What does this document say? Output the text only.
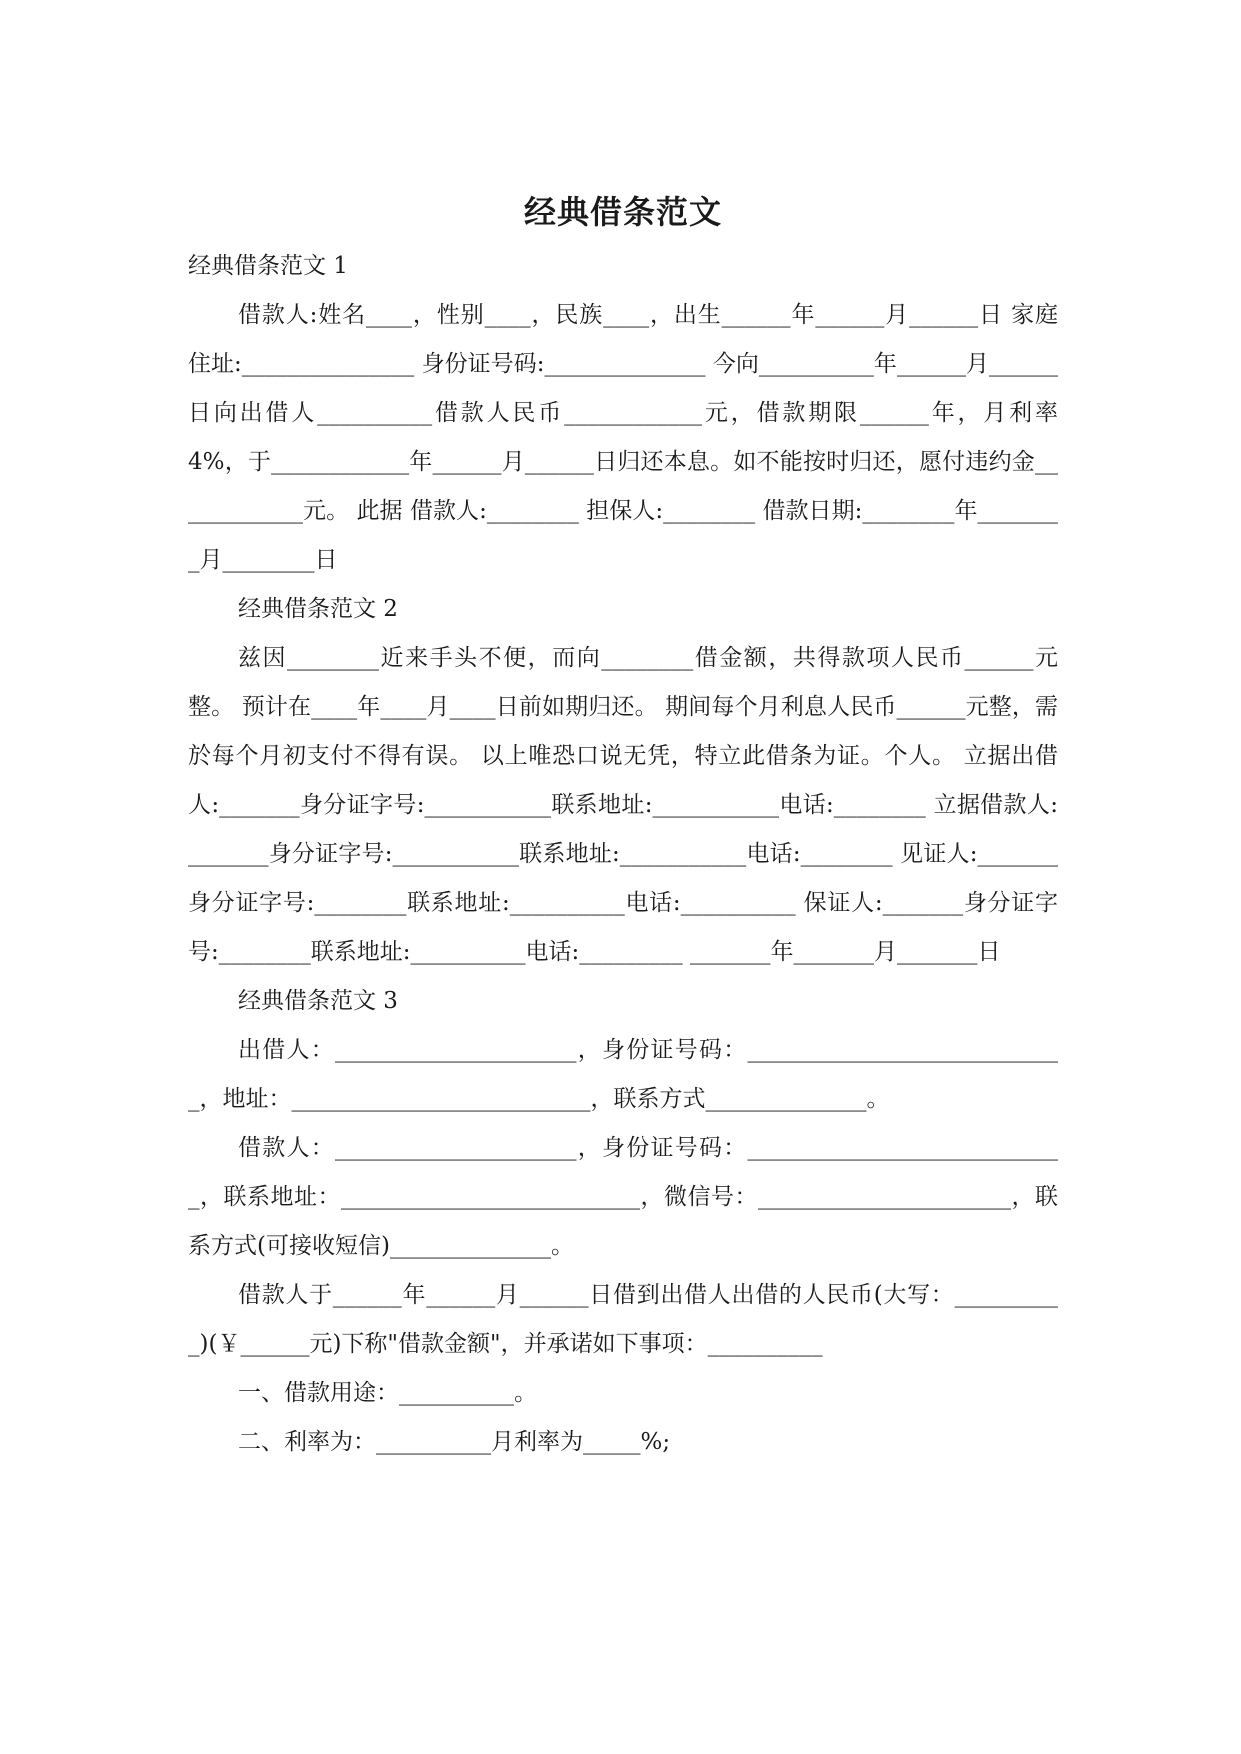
经典借条范文

经典借条范文 1

借款人:姓名____，性别____，民族____，出生______年______月______日 家庭住址:_______________ 身份证号码:______________ 今向__________年______月______日向出借人__________借款人民币____________元，借款期限______年，月利率 4%，于____________年______月______日归还本息。如不能按时归还，愿付违约金____________元。 此据 借款人:________ 担保人:________ 借款日期:________年________月________日

经典借条范文 2

兹因________近来手头不便，而向________借金额，共得款项人民币______元整。 预计在____年____月____日前如期归还。 期间每个月利息人民币______元整，需於每个月初支付不得有误。 以上唯恐口说无凭，特立此借条为证。个人。 立据出借人:_______身分证字号:___________联系地址:___________电话:________ 立据借款人:_______身分证字号:___________联系地址:___________电话:________ 见证人:_______身分证字号:________联系地址:__________电话:__________ 保证人:_______身分证字号:________联系地址:__________电话:_________ _______年_______月_______日

经典借条范文 3

出借人：_____________________，身份证号码：____________________________，地址：__________________________，联系方式______________。

借款人：_____________________，身份证号码：____________________________，联系地址：__________________________，微信号：______________________，联系方式(可接收短信)______________。

借款人于______年______月______日借到出借人出借的人民币(大写：__________)(￥______元)下称"借款金额"，并承诺如下事项：__________

一、借款用途：__________。

二、利率为：__________月利率为_____%;
